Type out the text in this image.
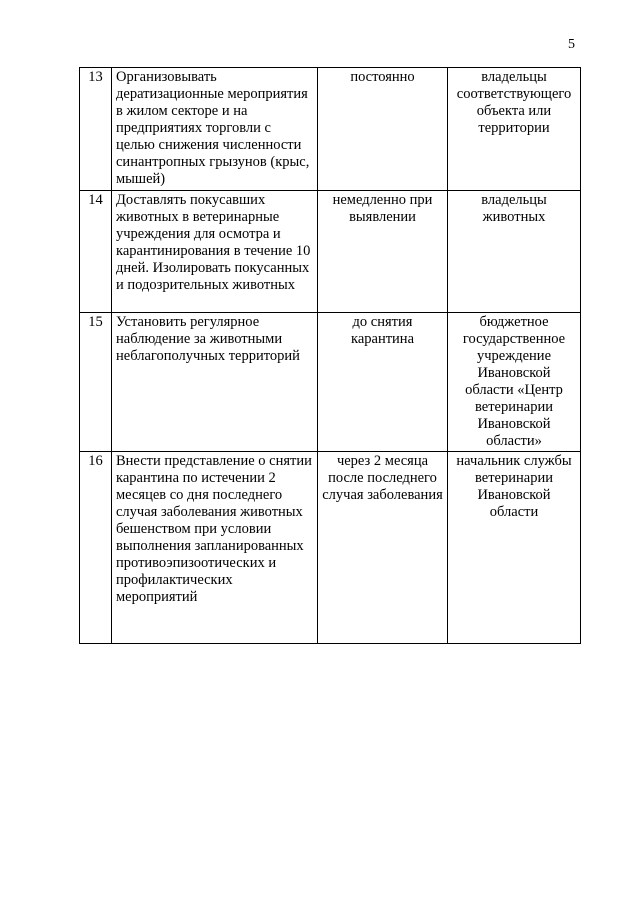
5
13	Организовывать дератизационные мероприятия в жилом секторе и на предприятиях торговли с целью снижения численности синантропных грызунов (крыс, мышей)	постоянно	владельцы соответствующего объекта или территории
14	Доставлять покусавших животных в ветеринарные учреждения для осмотра и карантинирования в течение 10 дней. Изолировать покусанных и подозрительных животных	немедленно при выявлении	владельцы животных
15	Установить регулярное наблюдение за животными неблагополучных территорий	до снятия карантина	бюджетное государственное учреждение Ивановской области «Центр ветеринарии Ивановской области»
16	Внести представление о снятии карантина по истечении 2 месяцев со дня последнего случая заболевания животных бешенством при условии выполнения запланированных противоэпизоотических и профилактических мероприятий	через 2 месяца после последнего случая заболевания	начальник службы ветеринарии Ивановской области
